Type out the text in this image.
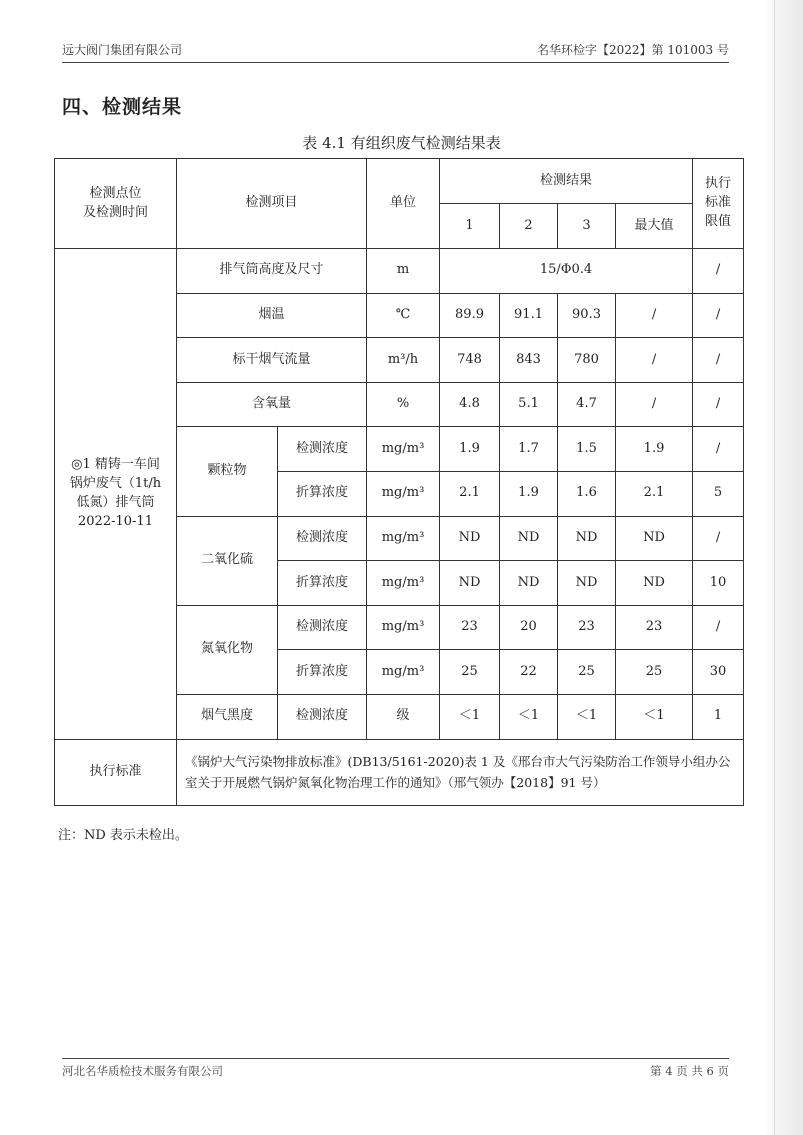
远大阀门集团有限公司	名华环检字【2022】第 101003 号
四、检测结果
表 4.1 有组织废气检测结果表
检测点位
及检测时间	检测项目		单位	检测结果				执行
标准
限值
				1	2	3	最大值	
◎1 精铸一车间
锅炉废气（1t/h
低氮）排气筒
2022-10-11	排气筒高度及尺寸		m	15/Φ0.4				/
	烟温		℃	89.9	91.1	90.3	/	/
	标干烟气流量		m³/h	748	843	780	/	/
	含氧量		%	4.8	5.1	4.7	/	/
	颗粒物	检测浓度	mg/m³	1.9	1.7	1.5	1.9	/
		折算浓度	mg/m³	2.1	1.9	1.6	2.1	5
	二氧化硫	检测浓度	mg/m³	ND	ND	ND	ND	/
		折算浓度	mg/m³	ND	ND	ND	ND	10
	氮氧化物	检测浓度	mg/m³	23	20	23	23	/
		折算浓度	mg/m³	25	22	25	25	30
	烟气黑度	检测浓度	级	＜1	＜1	＜1	＜1	1
执行标准	《锅炉大气污染物排放标准》(DB13/5161-2020)表 1 及《邢台市大气污染防治工作领导小组办公室关于开展燃气锅炉氮氧化物治理工作的通知》（邢气领办【2018】91 号）							
注：ND 表示未检出。
河北名华质检技术服务有限公司	第 4 页 共 6 页
